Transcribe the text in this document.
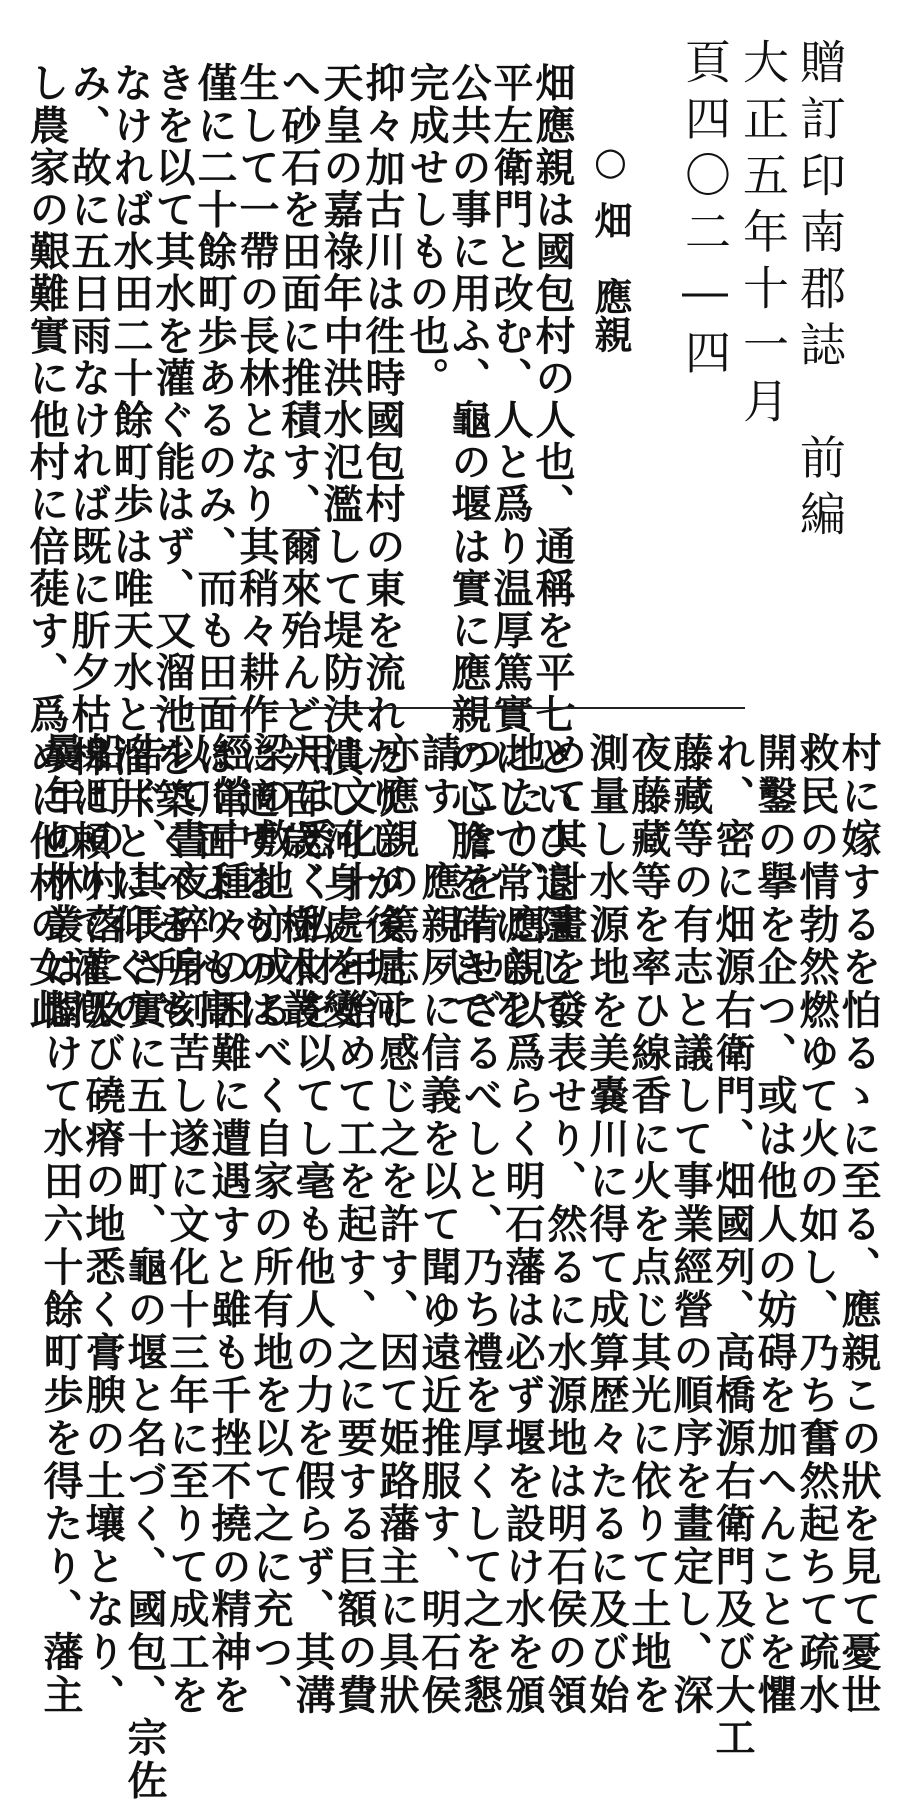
贈訂印南郡誌　前編
大正五年十一月
頁四〇二―四
○畑　應親
畑應親は國包村の人也、通稱を平七といひ退隱して
平左衛門と改む、人と爲り温厚篤實にして常に心を
公共の事に用ふ、龜の堰は實に應親の心膽を砕きて
完成せしもの也。
抑々加古川は徃時國包村の東を流れたりしが後堀河
天皇の嘉祿年中洪水氾濫して堤防決潰し河身處を變
へ砂石を田面に推積す、爾來殆んど六百歳、樹木叢
生して一帶の長林となり其稍々耕作に適するものは
僅に二十餘町歩あるのみ、而も田面は川面よりも高
きを以て其水を灌ぐ能はず、又溜池を築くべき所も
なければ水田二十餘町歩は唯天水と溜井とに仰ぐの
み、故に五日雨なければ既に肵夕枯槔に頼りて灌漑
し農家の艱難實に他村に倍蓰す、爲めに他村の女此
村に嫁するを怕るゝに至る、應親この狀を見て憂世
救民の情勃然燃ゆて火の如し、乃ち奮然起ちて疏水
開鑿の擧を企つ、或は他人の妨碍を加へんことを懼
れ、密に畑源右衛門、畑國列、高橋源右衛門及び大工
藤藏等の有志と議して事業經營の順序を畫定し、深
夜藤藏等を率ひ線香に火を点じ其光に依りて土地を
測量し水源地を美嚢川に得て成算歴々たるに及び始
めて其計畫を發表せり、然るに水源地は明石侯の領
地たり、應親以爲らく明石藩は必ず堰を設け水を頒
つことを肯せざるべしと、乃ち禮を厚くして之を懇
請す、應親夙に信義を以て聞ゆ遠近推服す、明石侯
亦應親の篤志に感じ之を許す、因て姫路藩主に具狀
し文化十一年始めて工を起す、之に要する巨額の費
用は悉く私財を以てし毫も他人の力を假らず、其溝
梁の敷地亦成るべく自家の所有地を以て之に充つ、
經營中種々の困難に遭遇すと雖も千挫不撓の精神を
以て晝夜碎身刻苦し遂に文化十三年に至りて成工を
告ぐ、其長さ實に五十町、龜の堰と名づく、國包、宗佐
船町の村落に及び磽瘠の地悉く膏腴の土壤となり、
曩年の林叢は闢けて水田六十餘町歩を得たり、藩主
